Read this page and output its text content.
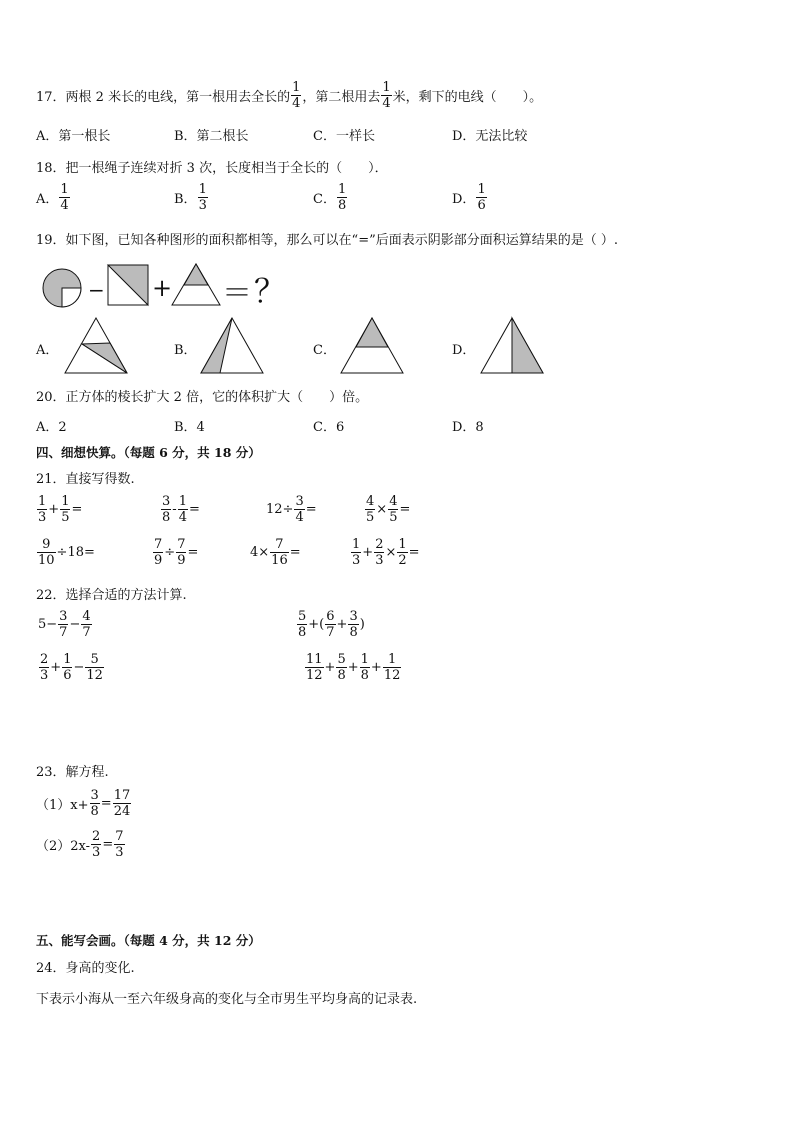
17．两根 2 米长的电线，第一根用去全长的 $\frac{1}{4}$ ，第二根用去 $\frac{1}{4}$ 米，剩下的电线（　　）。
A．第一根长	B．第二根长	C．一样长	D．无法比较
18．把一根绳子连续对折 3 次，长度相当于全长的（　　）．
A． $\frac{1}{4}$	B． $\frac{1}{3}$	C． $\frac{1}{8}$	D． $\frac{1}{6}$
19．如下图，已知各种图形的面积都相等，那么可以在“=”后面表示阴影部分面积运算结果的是（ ）.
− + ＝ ？
A．	B．	C．	D．
20．正方体的棱长扩大 2 倍，它的体积扩大（　　）倍。
A．2	B．4	C．6	D．8
四、细想快算。（每题 6 分，共 18 分）
21．直接写得数.
$\frac{1}{3} + \frac{1}{5}$ =	$\frac{3}{8} - \frac{1}{4}$ =	$12\div \frac{3}{4}$ =	$\frac{4}{5} \times \frac{4}{5}$ =
$\frac{9}{10} \div 18=$	$\frac{7}{9} \div \frac{7}{9}$ =	$4\times \frac{7}{16}$ =	$\frac{1}{3} + \frac{2}{3} \times \frac{1}{2}$ =
22．选择合适的方法计算.
$5- \frac{3}{7} - \frac{4}{7}$	$\frac{5}{8}$ +( $\frac{6}{7} + \frac{3}{8}$ )
$\frac{2}{3} + \frac{1}{6} - \frac{5}{12}$	$\frac{11}{12} + \frac{5}{8} + \frac{1}{8} + \frac{1}{12}$
23．解方程.
$(1)x+ \frac{3}{8} = \frac{17}{24}$
$(2)2x- \frac{2}{3} = \frac{7}{3}$
五、能写会画。（每题 4 分，共 12 分）
24．身高的变化.
下表示小海从一至六年级身高的变化与全市男生平均身高的记录表.
